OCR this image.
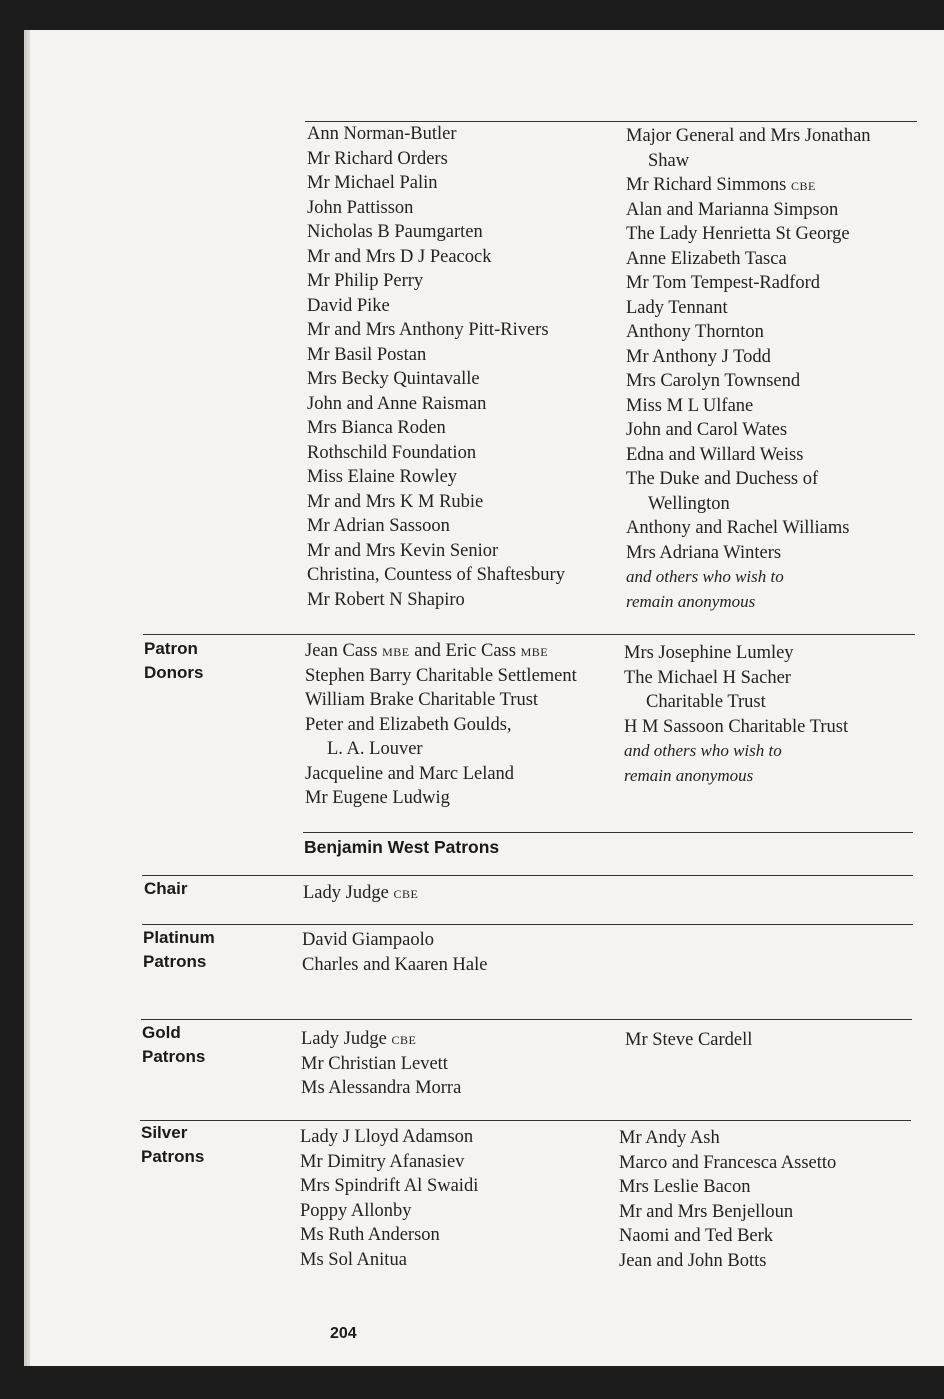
Ann Norman-Butler
Mr Richard Orders
Mr Michael Palin
John Pattisson
Nicholas B Paumgarten
Mr and Mrs D J Peacock
Mr Philip Perry
David Pike
Mr and Mrs Anthony Pitt-Rivers
Mr Basil Postan
Mrs Becky Quintavalle
John and Anne Raisman
Mrs Bianca Roden
Rothschild Foundation
Miss Elaine Rowley
Mr and Mrs K M Rubie
Mr Adrian Sassoon
Mr and Mrs Kevin Senior
Christina, Countess of Shaftesbury
Mr Robert N Shapiro
Major General and Mrs Jonathan
Shaw
Mr Richard Simmons cbe
Alan and Marianna Simpson
The Lady Henrietta St George
Anne Elizabeth Tasca
Mr Tom Tempest-Radford
Lady Tennant
Anthony Thornton
Mr Anthony J Todd
Mrs Carolyn Townsend
Miss M L Ulfane
John and Carol Wates
Edna and Willard Weiss
The Duke and Duchess of
Wellington
Anthony and Rachel Williams
Mrs Adriana Winters
and others who wish to
remain anonymous
Patron
Donors
Jean Cass mbe and Eric Cass mbe
Stephen Barry Charitable Settlement
William Brake Charitable Trust
Peter and Elizabeth Goulds,
L. A. Louver
Jacqueline and Marc Leland
Mr Eugene Ludwig
Mrs Josephine Lumley
The Michael H Sacher
Charitable Trust
H M Sassoon Charitable Trust
and others who wish to
remain anonymous
Benjamin West Patrons
Chair	Lady Judge cbe
Platinum
Patrons
David Giampaolo
Charles and Kaaren Hale
Gold
Patrons
Lady Judge cbe
Mr Christian Levett
Ms Alessandra Morra
Mr Steve Cardell
Silver
Patrons
Lady J Lloyd Adamson
Mr Dimitry Afanasiev
Mrs Spindrift Al Swaidi
Poppy Allonby
Ms Ruth Anderson
Ms Sol Anitua
Mr Andy Ash
Marco and Francesca Assetto
Mrs Leslie Bacon
Mr and Mrs Benjelloun
Naomi and Ted Berk
Jean and John Botts
204
